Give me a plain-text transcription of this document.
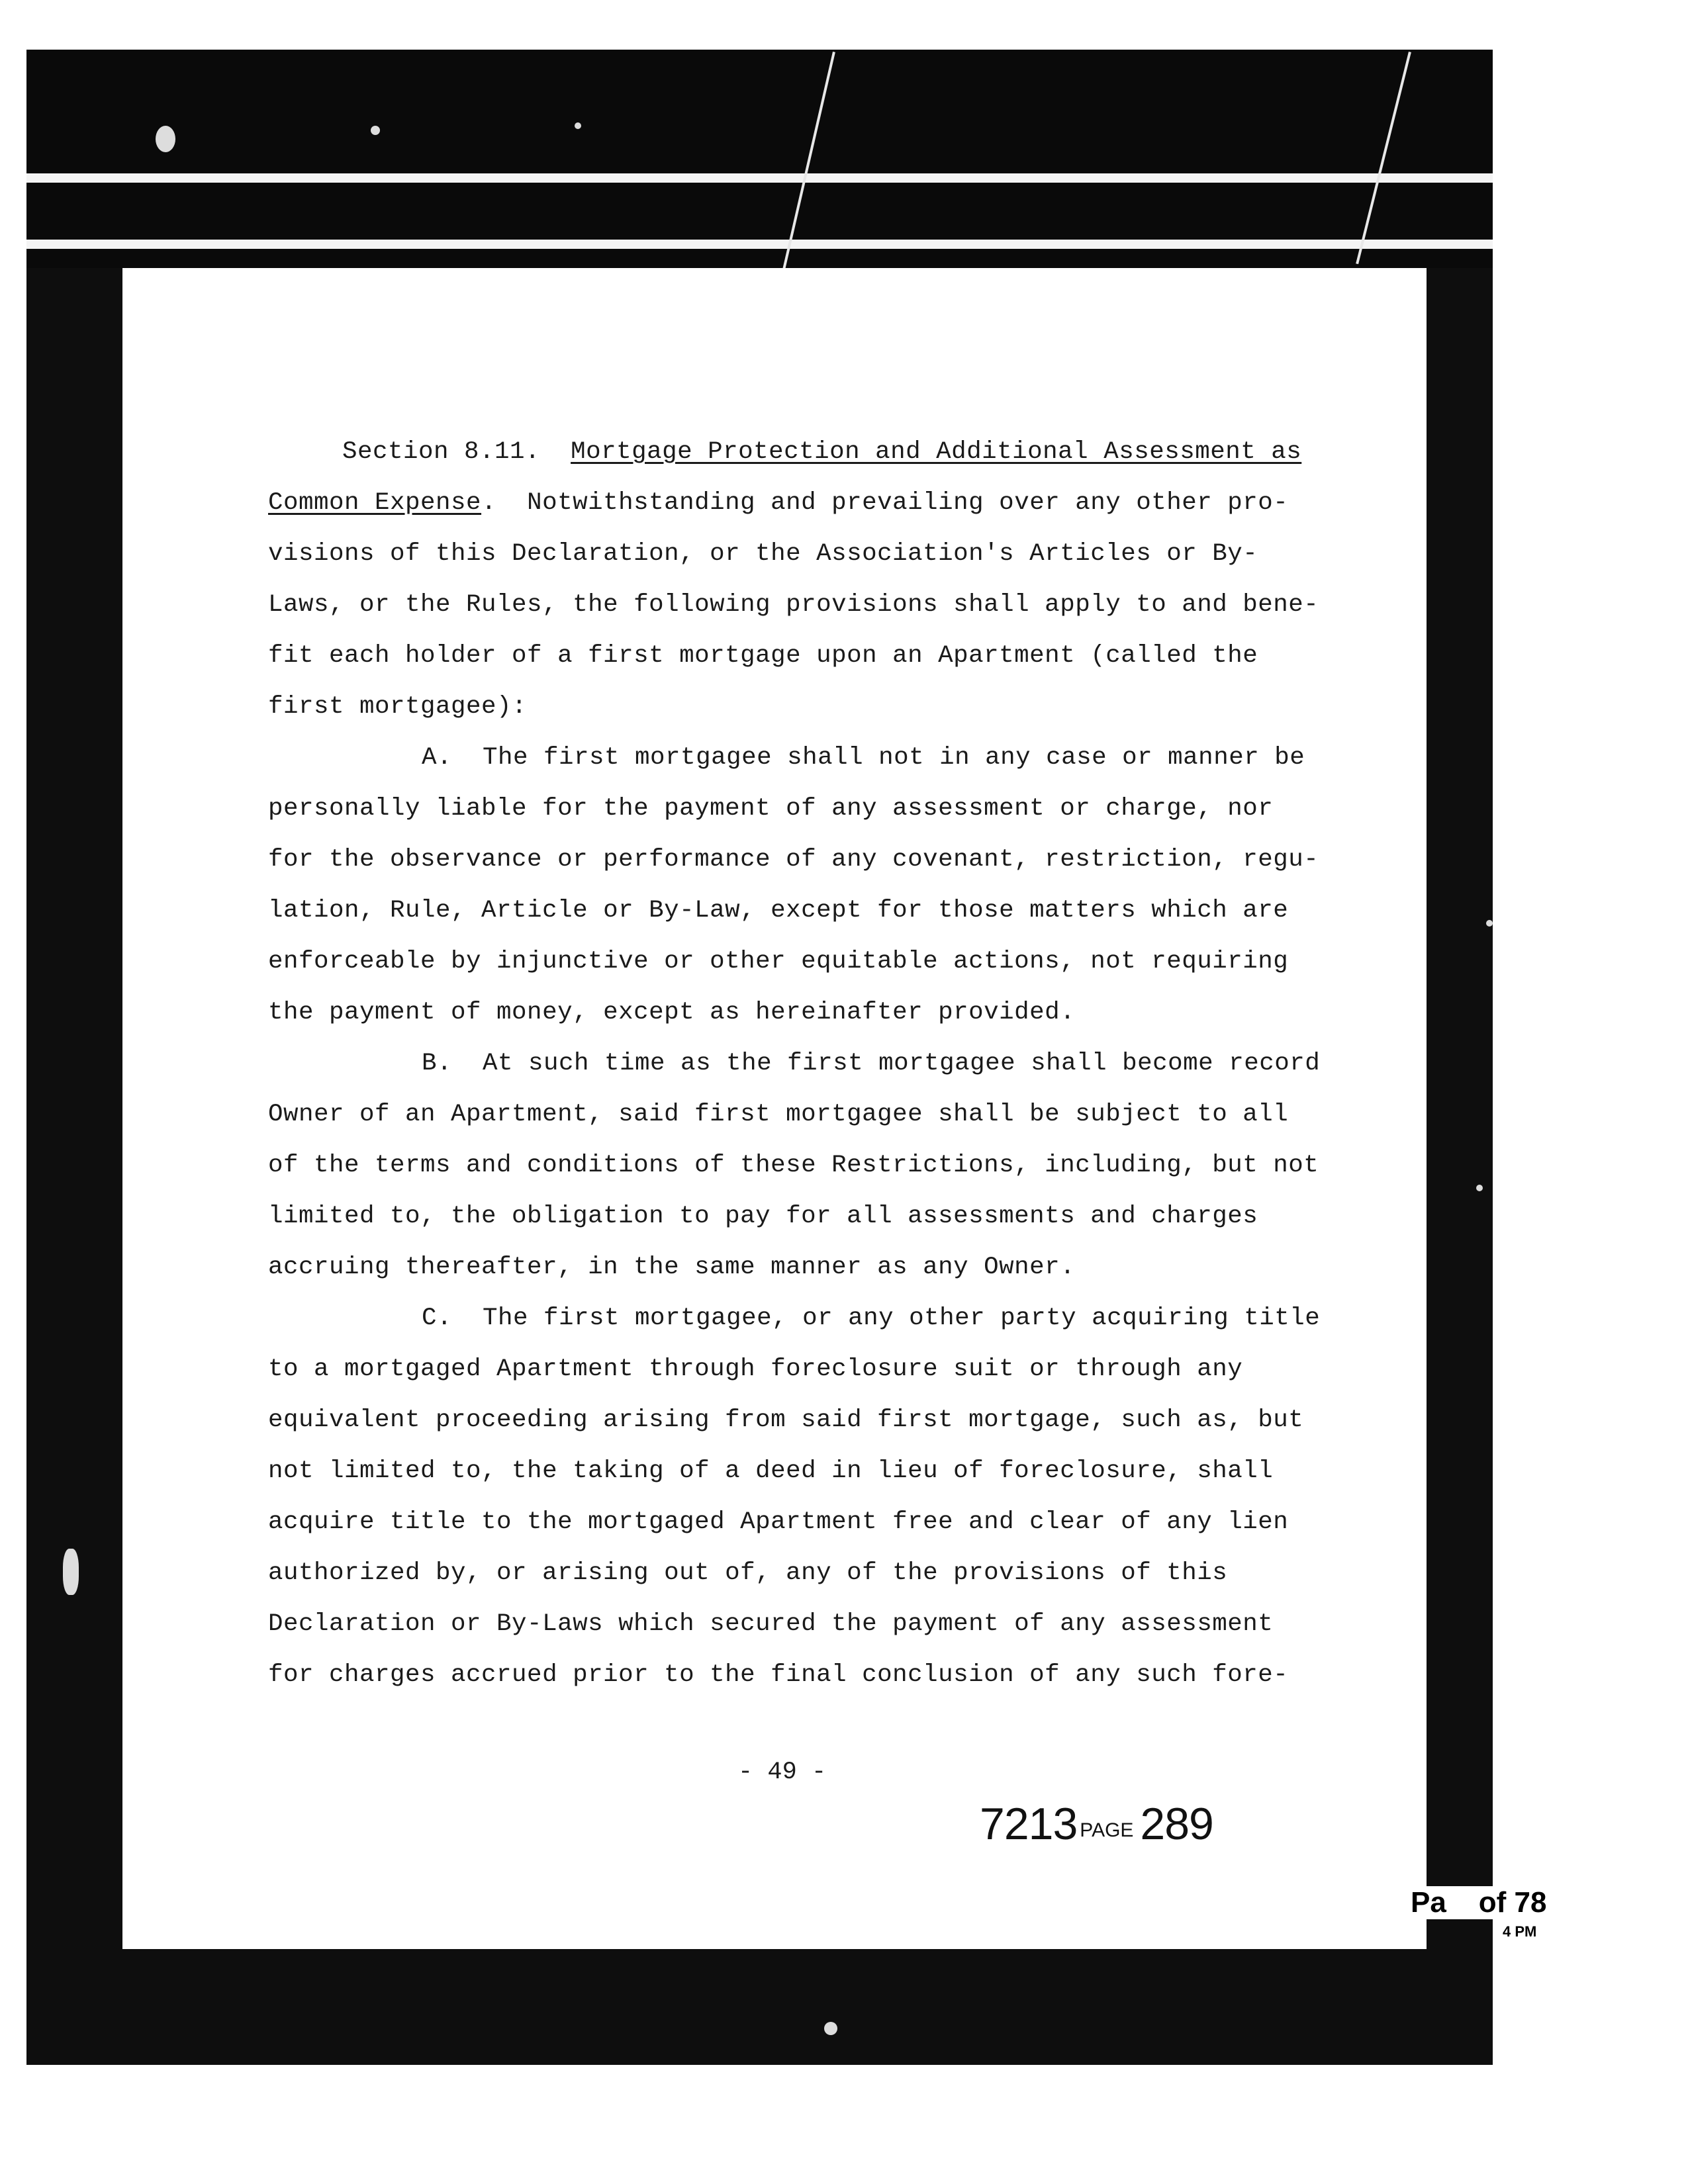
Section 8.11.  Mortgage Protection and Additional Assessment as
Common Expense.  Notwithstanding and prevailing over any other pro-
visions of this Declaration, or the Association's Articles or By-
Laws, or the Rules, the following provisions shall apply to and bene-
fit each holder of a first mortgage upon an Apartment (called the
first mortgagee):
A.  The first mortgagee shall not in any case or manner be
personally liable for the payment of any assessment or charge, nor
for the observance or performance of any covenant, restriction, regu-
lation, Rule, Article or By-Law, except for those matters which are
enforceable by injunctive or other equitable actions, not requiring
the payment of money, except as hereinafter provided.
B.  At such time as the first mortgagee shall become record
Owner of an Apartment, said first mortgagee shall be subject to all
of the terms and conditions of these Restrictions, including, but not
limited to, the obligation to pay for all assessments and charges
accruing thereafter, in the same manner as any Owner.
C.  The first mortgagee, or any other party acquiring title
to a mortgaged Apartment through foreclosure suit or through any
equivalent proceeding arising from said first mortgage, such as, but
not limited to, the taking of a deed in lieu of foreclosure, shall
acquire title to the mortgaged Apartment free and clear of any lien
authorized by, or arising out of, any of the provisions of this
Declaration or By-Laws which secured the payment of any assessment
for charges accrued prior to the final conclusion of any such fore-
- 49 -
7213 PAGE 289
Pa    of 78
4 PM
